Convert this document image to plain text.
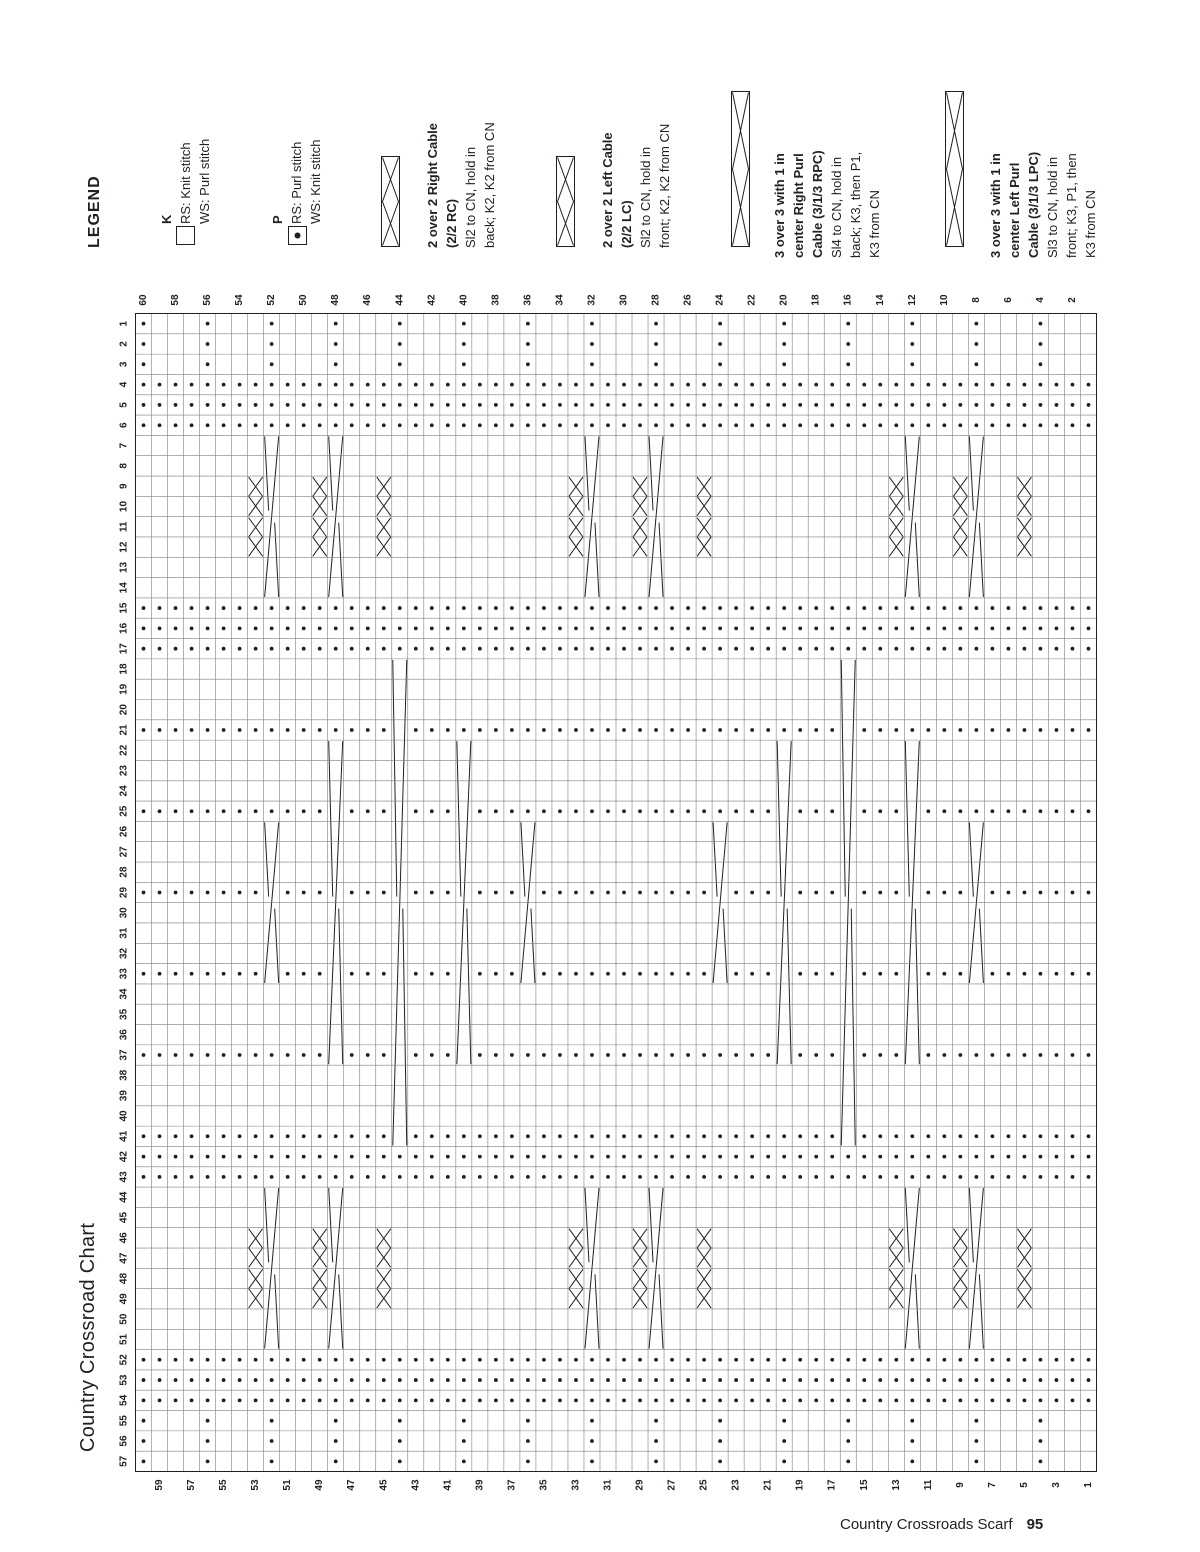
1
2
3
4
5
6
7
8
9
10
11
12
13
14
15
16
17
18
19
20
21
22
23
24
25
26
27
28
29
30
31
32
33
34
35
36
37
38
39
40
41
42
43
44
45
46
47
48
49
50
51
52
53
54
55
56
57
2
4
6
8
10
12
14
16
18
20
22
24
26
28
30
32
34
36
38
40
42
44
46
48
50
52
54
56
58
60
1
3
5
7
9
11
13
15
17
19
21
23
25
27
29
31
33
35
37
39
41
43
45
47
49
51
53
55
57
59
Country Crossroad Chart
LEGEND	K RS: Knit stitch WS: Purl stitch	P RS: Purl stitch WS: Knit stitch	2 over 2 Right Cable (2/2 RC) Sl2 to CN, hold in back; K2, K2 from CN	2 over 2 Left Cable (2/2 LC) Sl2 to CN, hold in front; K2, K2 from CN	3 over 3 with 1 in center Right Purl Cable (3/1/3 RPC) Sl4 to CN, hold in back; K3, then P1, K3 from CN	3 over 3 with 1 in center Left Purl Cable (3/1/3 LPC) Sl3 to CN, hold in front; K3, P1, then K3 from CN
Country Crossroads Scarf 95
